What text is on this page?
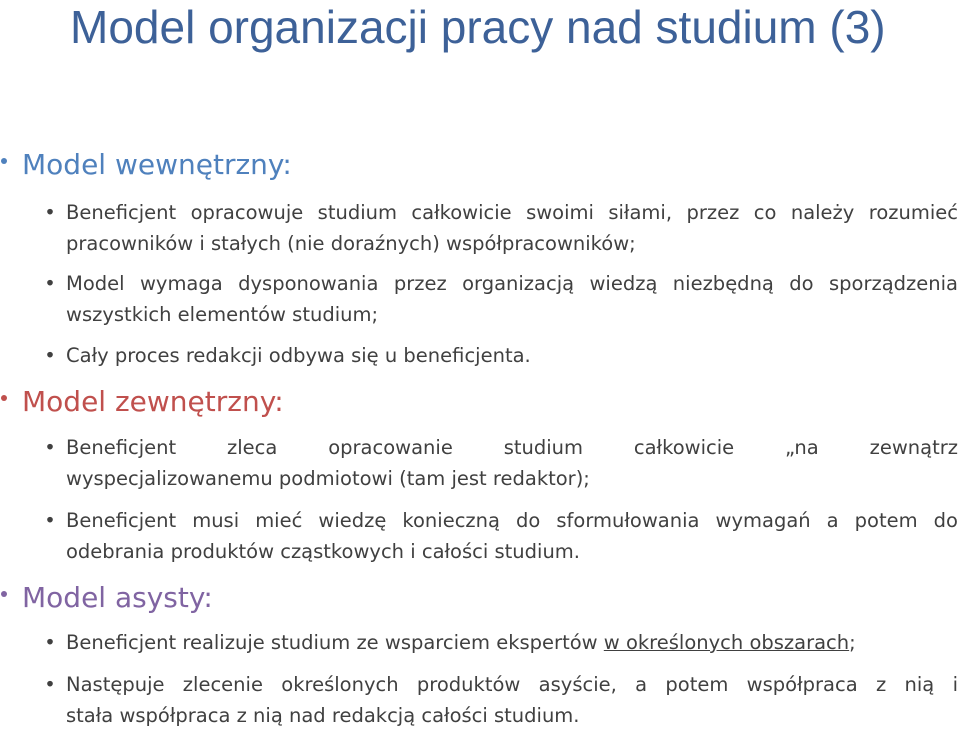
Model organizacji pracy nad studium (3)
Model wewnętrzny:
• Beneficjent opracowuje studium całkowicie swoimi siłami, przez co należy rozumieć
pracowników i stałych (nie doraźnych) współpracowników;
• Model wymaga dysponowania przez organizacją wiedzą niezbędną do sporządzenia
wszystkich elementów studium;
• Cały proces redakcji odbywa się u beneficjenta.
Model zewnętrzny:
• Beneficjent zleca opracowanie studium całkowicie „na zewnątrz
wyspecjalizowanemu podmiotowi (tam jest redaktor);
• Beneficjent musi mieć wiedzę konieczną do sformułowania wymagań a potem do
odebrania produktów cząstkowych i całości studium.
Model asysty:
• Beneficjent realizuje studium ze wsparciem ekspertów w określonych obszarach;
• Następuje zlecenie określonych produktów asyście, a potem współpraca z nią i
stała współpraca z nią nad redakcją całości studium.
